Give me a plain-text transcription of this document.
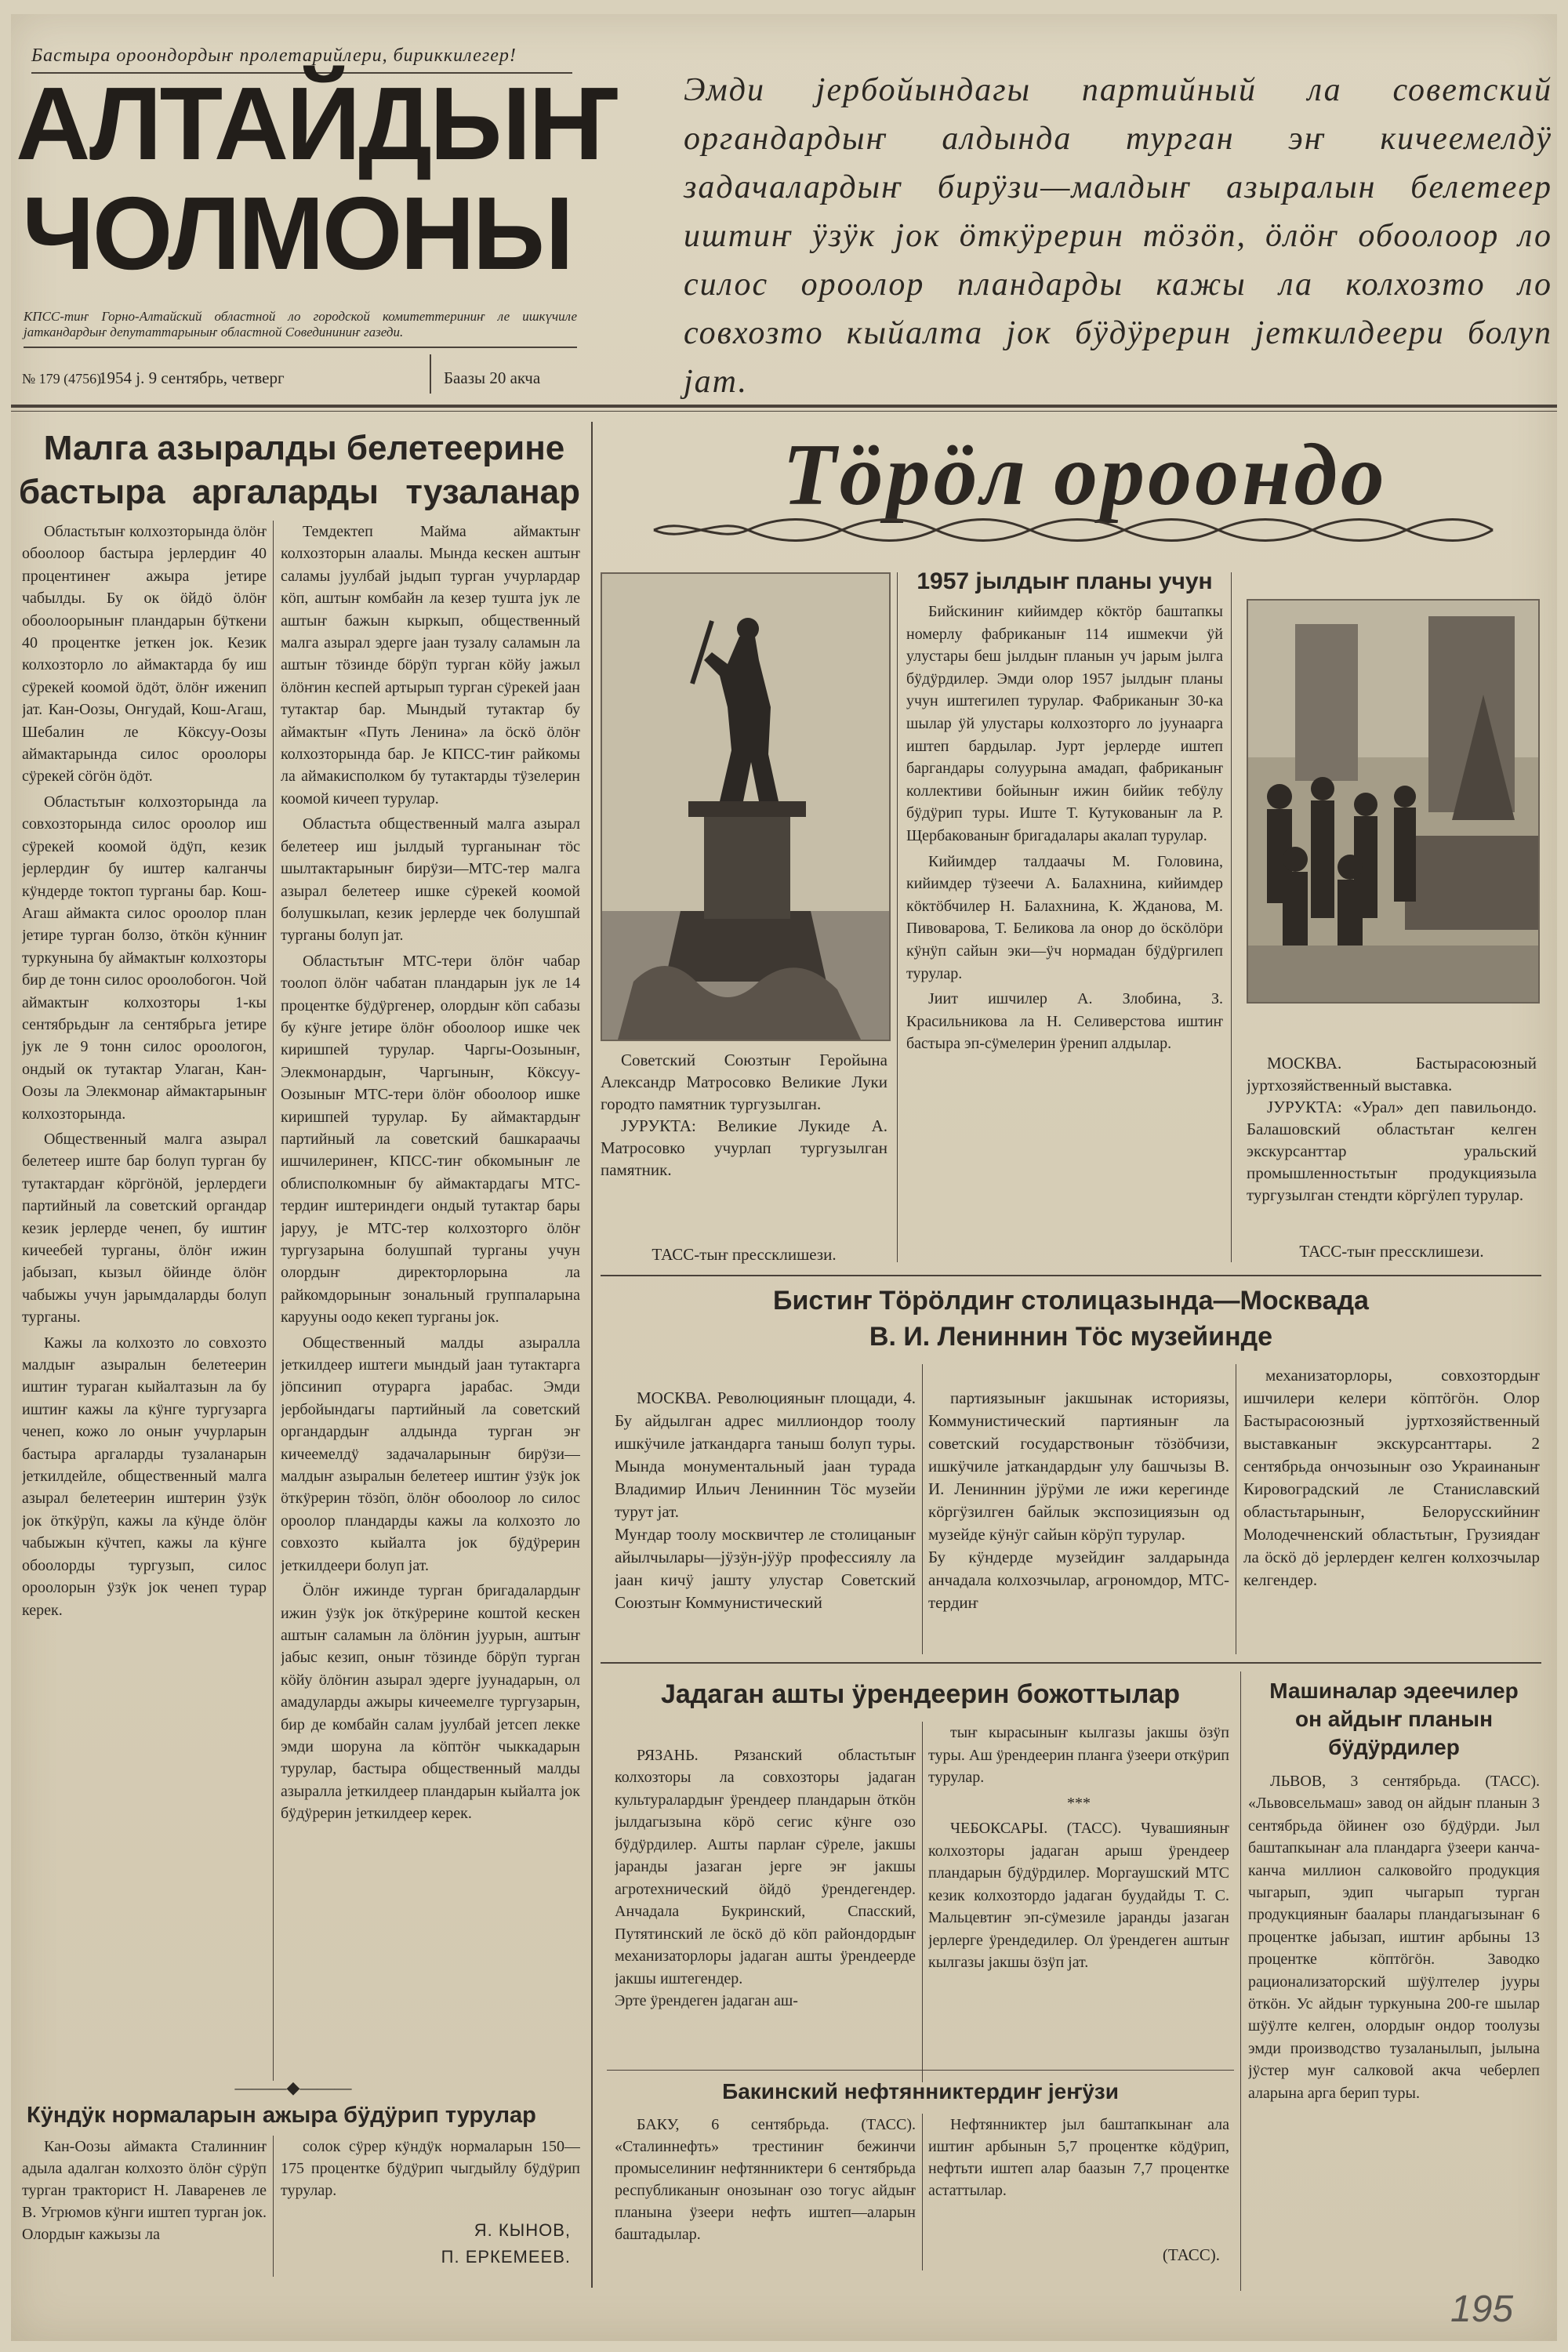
Бастыра ороондордыҥ пролетарийлери, бириккилегер!
АЛТАЙДЫҤ
ЧОЛМОНЫ
КПСС-тиҥ Горно-Алтайский областной ло городской комитеттериниҥ ле ишкүчиле јаткандардыҥ депутаттарыныҥ областной Соведининиҥ газеди.
№ 179 (4756).
1954 ј. 9 сентябрь, четверг	Баазы 20 акча
Эмди јербойындагы партийный ла советский органдардыҥ алдында турган эҥ кичеемелдӱ задачалардыҥ бирӱзи—малдыҥ азыралын белетеер иштиҥ ӱзӱк јок öткӱрерин тöзöп, öлöҥ обоолоор ло силос ороолор пландарды кажы ла колхозто ло совхозто кыйалта јок бӱдӱрерин јеткилдеери болуп јат.
Малга азыралды белетеерине
бастыра аргаларды тузаланар

Областьтыҥ колхозторында öлöҥ обоолоор бастыра јерлердиҥ 40 процентинеҥ ажыра јетире чабылды. Бу ок öйдö öлöҥ обоолоорыныҥ пландарын бӱткени 40 процентке јеткен јок. Кезик колхозторло ло аймактарда бу иш сӱрекей коомой öдöт, öлöҥ иженип јат. Кан-Оозы, Онгудай, Кош-Агаш, Шебалин ле Кöксуу-Оозы аймактарында силос ороолоры сӱрекей сöгöн öдöт.

Областьтыҥ колхозторында ла совхозторында силос ороолор иш сӱрекей коомой öдӱп, кезик јерлердиҥ бу иштер калганчы кӱндерде токтоп турганы бар. Кош-Агаш аймакта силос ороолор план јетире турган болзо, öткöн кӱнниҥ туркунына бу аймактыҥ колхозторы бир де тонн силос ороолобогон. Чой аймактыҥ колхозторы 1-кы сентябрьдыҥ ла сентябрьга јетире јук ле 9 тонн силос ороологон, ондый ок тутактар Улаган, Кан-Оозы ла Элекмонар аймактарыныҥ колхозторында.

Общественный малга азырал белетеер иште бар болуп турган бу тутактардаҥ кöргöнöй, јерлердеги партийный ла советский органдар кезик јерлерде ченеп, бу иштиҥ кичеебей турганы, öлöҥ ижин јабызап, кызыл öйинде öлöҥ чабыжы учун јарымдаларды болуп турганы.

Кажы ла колхозто ло совхозто малдыҥ азыралын белетеерин иштиҥ тураган кыйалтазын ла бу иштиҥ кажы ла кӱнге тургузарга ченеп, кожо ло оныҥ учурларын бастыра аргаларды тузаланарын јеткилдейле, общественный малга азырал белетеерин иштерин ӱзӱк јок öткӱрӱп, кажы ла кӱнде öлöҥ чабыжын кӱчтеп, кажы ла кӱнге обоолорды тургузып, силос ороолорын ӱзӱк јок ченеп турар керек.

Темдектеп Майма аймактыҥ колхозторын алаалы. Мында кескен аштыҥ саламы јуулбай јыдып турган учурлардар кöп, аштыҥ комбайн ла кезер тушта јук ле аштыҥ бажын кыркып, общественный малга азырал эдерге јаан тузалу саламын ла аштыҥ тöзинде бöрӱп турган кöйу јажыл öлöҥин кеспей артырып турган сӱрекей јаан тутактар бар. Мындый тутактар бу аймактыҥ «Путь Ленина» ла öскö öлöҥ колхозторында бар. Је КПСС-тиҥ райкомы ла аймакисполком бу тутактарды тӱзелерин коомой кичееп турулар.

Областьта общественный малга азырал белетеер иш јылдый турганынаҥ тöс шылтактарыныҥ бирӱзи—МТС-тер малга азырал белетеер ишке сӱрекей коомой болушкылап, кезик јерлерде чек болушпай турганы болуп јат.

Областьтыҥ МТС-тери öлöҥ чабар тоолоп öлöҥ чабатан пландарын јук ле 14 процентке бӱдӱргенер, олордыҥ кöп сабазы бу кӱнге јетире öлöҥ обоолоор ишке чек киришпей турулар. Чаргы-Оозыныҥ, Элекмонардыҥ, Чаргыныҥ, Кöксуу-Оозыныҥ МТС-тери öлöҥ обоолоор ишке киришпей турулар. Бу аймактардыҥ партийный ла советский башкараачы ишчилеринеҥ, КПСС-тиҥ обкомыныҥ ле облисполкомныҥ бу аймактардагы МТС-тердиҥ иштериндеги ондый тутактар бары јаруу, је МТС-тер колхозторго öлöҥ тургузарына болушпай турганы учун олордыҥ директорлорына ла райкомдорыныҥ зональный группаларына карууны оодо кекеп турганы јок.

Общественный малды азыралла јеткилдеер иштеги мындый јаан тутактарга јöпсинип отурарга јарабас. Эмди јербойындагы партийный ла советский органдардыҥ алдында турган эҥ кичеемелдӱ задачаларыныҥ бирӱзи—малдыҥ азыралын белетеер иштиҥ ӱзӱк јок öткӱрерин тöзöп, öлöҥ обоолоор ло силос ороолор пландарды кажы ла колхозто ло совхозто кыйалта јок бӱдӱрерин јеткилдеери болуп јат.

Öлöҥ ижинде турган бригадалардыҥ ижин ӱзӱк јок öткӱрерине коштой кескен аштыҥ саламын ла öлöҥин јуурын, аштыҥ јабыс кезип, оныҥ тöзинде бöрӱп турган кöйу öлöҥин азырал эдерге јуунадарын, ол амадуларды ажыры кичеемелге тургузарын, бир де комбайн салам јуулбай јетсеп лекке эмди шоруна ла кöптöҥ чыккадарын турулар, бастыра общественный малды азыралла јеткилдеер пландарын кыйалта јок бӱдӱрерин јеткилдеер керек.

———◆———
Кӱндӱк нормаларын ажыра бӱдӱрип турулар

Кан-Оозы аймакта Сталинниҥ адыла адалган колхозто öлöҥ сӱрӱп турган тракторист Н. Лаваренев ле В. Угрюмов кӱнги иштеп турган јок. Олордыҥ кажызы ла

солок сӱрер кӱндӱк нормаларын 150—175 процентке бӱдӱрип чыгдыйлу бӱдӱрип турулар.

Я. КЫНОВ,
П. ЕРКЕМЕЕВ.
Тöрöл ороондо

Советский Союзтыҥ Геройына Александр Матросовко Великие Луки городто памятник тургузылган.

ЈУРУКТА: Великие Лукиде А. Матросовко учурлап тургузылган памятник.

ТАСС-тыҥ прессклишези.
1957 јылдыҥ планы учун

Бийскиниҥ кийимдер кöктöр баштапкы номерлу фабриканыҥ 114 ишмекчи ӱй улустары беш јылдыҥ планын уч јарым јылга бӱдӱрдилер. Эмди олор 1957 јылдыҥ планы учун иштегилеп турулар. Фабриканыҥ 30-ка шылар ӱй улустары колхозторго ло јуунаарга иштеп бардылар. Јурт јерлерде иштеп баргандары солуурына амадап, фабриканыҥ коллективи бойыныҥ ижин бийик тебӱлу бӱдӱрип туры. Иште Т. Кутукованыҥ ла Р. Щербакованыҥ бригадалары акалап турулар.

Кийимдер талдаачы М. Головина, кийимдер тӱзеечи А. Балахнина, кийимдер кöктöбчилер Н. Балахнина, К. Жданова, М. Пивоварова, Т. Беликова ла онор до öскöлöри кӱнӱп сайын эки—ӱч нормадан бӱдӱргилеп турулар.

Јиит ишчилер А. Злобина, З. Красильникова ла Н. Селиверстова иштиҥ бастыра эп-сӱмелерин ӱренип алдылар.

МОСКВА. Бастырасоюзный јуртхозяйственный выставка.

ЈУРУКТА: «Урал» деп павильондо. Балашовский областьтаҥ келген экскурсанттар уральский промышленностьтыҥ продукциязыла тургузылган стендти кöргӱлеп турулар.

ТАСС-тыҥ прессклишези.
Бистиҥ Тöрöлдиҥ столицазында—Москвада
В. И. Лениннин Тöс музейинде

МОСКВА. Революцияныҥ площади, 4. Бу айдылган адрес миллиондор тоолу ишкӱчиле јаткандарга таныш болуп туры. Мында монументальный јаан турада Владимир Ильич Лениннин Тöс музейи турут јат.
Муҥдар тоолу москвичтер ле столицаныҥ айылчылары—јӱзӱн-јӱӱр профессиялу ла јаан кичӱ јашту улустар Советский Союзтыҥ Коммунистический

партиязыныҥ јакшынак историязы, Коммунистический партияныҥ ла советский государствоныҥ тöзöбчизи, ишкӱчиле јаткандардыҥ улу башчызы В. И. Лениннин јӱрӱми ле ижи керегинде кöргӱзилген байлык экспозициязын од музейде кӱнӱг сайын кöрӱп турулар.
Бу кӱндерде музейдиҥ залдарында анчадала колхозчылар, агрономдор, МТС-тердиҥ

механизаторлоры, совхозтордыҥ ишчилери келери кöптöгöн. Олор Бастырасоюзный јуртхозяйственный выставканыҥ экскурсанттары. 2 сентябрьда ончозыныҥ озо Украинаныҥ Кировоградский ле Станиславский областьтарыныҥ, Белорусскийниҥ Молодечненский областьтыҥ, Грузиядаҥ ла öскö дö јерлердеҥ келген колхозчылар келгендер.

Јадаган ашты ӱрендеерин божоттылар

РЯЗАНЬ. Рязанский областьтыҥ колхозторы ла совхозторы јадаган культуралардыҥ ӱрендеер пландарын öткöн јылдагызына кöрö сегис кӱнге озо бӱдӱрдилер. Ашты парлаҥ сӱреле, јакшы јаранды јазаган јерге эҥ јакшы агротехнический öйдö ӱрендегендер. Анчадала Букринский, Спасский, Путятинский ле öскö дö кöп райондордыҥ механизаторлоры јадаган ашты ӱрендеерде јакшы иштегендер.
Эрте ӱрендеген јадаган аш-

тыҥ кырасыныҥ кылгазы јакшы öзӱп туры. Аш ӱрендеерин планга ӱзеери откӱрип турулар.

***

ЧЕБОКСАРЫ. (ТАСС). Чувашияныҥ колхозторы јадаган арыш ӱрендеер пландарын бӱдӱрдилер. Моргаушский МТС кезик колхозтордо јадаган буудайды Т. С. Мальцевтиҥ эп-сӱмезиле јаранды јазаган јерлерге ӱрендедилер. Ол ӱрендеген аштыҥ кылгазы јакшы öзӱп јат.

Бакинский нефтянниктердиҥ јеҥӱзи

БАКУ, 6 сентябрьда. (ТАСС). «Сталиннефть» трестиниҥ бежинчи промыселиниҥ нефтянниктери 6 сентябрьда республиканыҥ онозынаҥ озо тогус айдыҥ планына ӱзеери нефть иштеп—аларын баштадылар.

Нефтянниктер јыл баштапкынаҥ ала иштиҥ арбынын 5,7 процентке кöдӱрип, нефтьти иштеп алар баазын 7,7 процентке астаттылар.

(ТАСС).
Машиналар эдеечилер
он айдыҥ планын
бӱдӱрдилер

ЛЬВОВ, 3 сентябрьда. (ТАСС). «Львовсельмаш» завод он айдыҥ планын 3 сентябрьда öйинеҥ озо бӱдӱрди. Јыл баштапкынаҥ ала пландарга ӱзеери канча-канча миллион салковойго продукция чыгарып, эдип чыгарып турган продукцияныҥ баалары пландагызынаҥ 6 процентке јабызап, иштиҥ арбыны 13 процентке кöптöгöн. Заводко рационализаторский шӱӱлтелер јууры öткöн. Ус айдыҥ туркунына 200-ге шылар шӱӱлте келген, олордыҥ ондор тоолузы эмди производство тузаланылып, јылына јӱстер муҥ салковой акча чеберлеп аларына арга берип туры.

195
